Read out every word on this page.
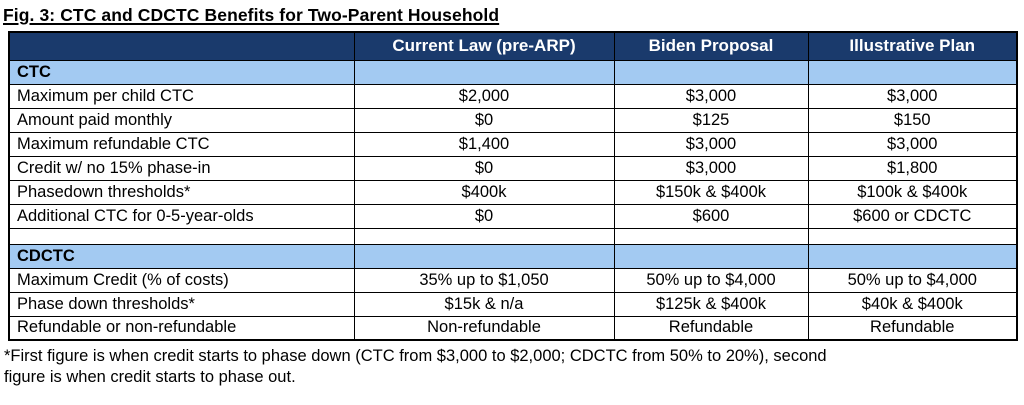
Fig. 3: CTC and CDCTC Benefits for Two-Parent Household
	Current Law (pre-ARP)	Biden Proposal	Illustrative Plan
CTC			
Maximum per child CTC	$2,000	$3,000	$3,000
Amount paid monthly	$0	$125	$150
Maximum refundable CTC	$1,400	$3,000	$3,000
Credit w/ no 15% phase-in	$0	$3,000	$1,800
Phasedown thresholds*	$400k	$150k & $400k	$100k & $400k
Additional CTC for 0-5-year-olds	$0	$600	$600 or CDCTC

CDCTC			
Maximum Credit (% of costs)	35% up to $1,050	50% up to $4,000	50% up to $4,000
Phase down thresholds*	$15k & n/a	$125k & $400k	$40k & $400k
Refundable or non-refundable	Non-refundable	Refundable	Refundable

*First figure is when credit starts to phase down (CTC from $3,000 to $2,000; CDCTC from 50% to 20%), second
figure is when credit starts to phase out.
